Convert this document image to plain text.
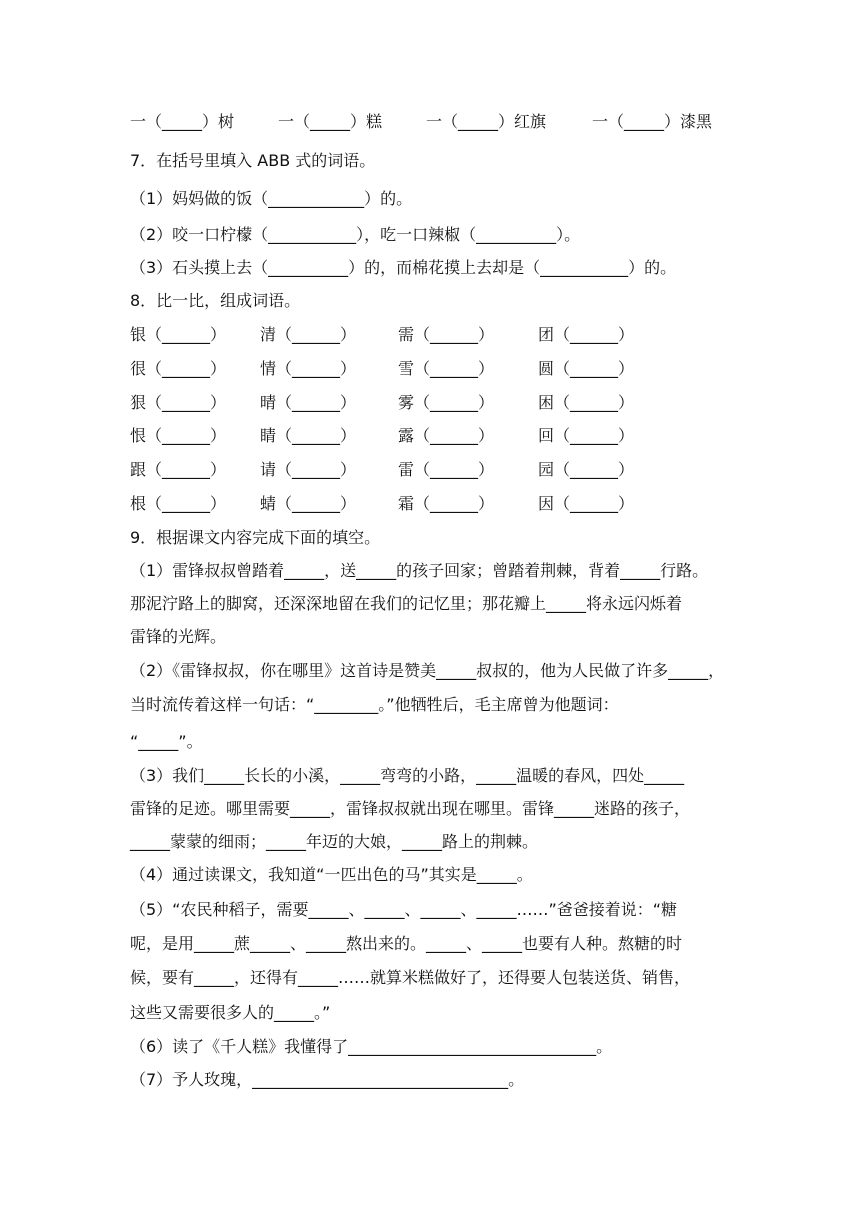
一（_____）树	一（_____）糕	一（_____）红旗	一（_____）漆黑
7．在括号里填入 ABB 式的词语。
（1）妈妈做的饭（____________）的。
（2）咬一口柠檬（___________），吃一口辣椒（__________）。
（3）石头摸上去（__________）的，而棉花摸上去却是（___________）的。
8．比一比，组成词语。
银（______） 清（______）	需（______）	团（______）
很（______） 情（______）	雪（______）	圆（______）
狠（______） 晴（______）	雾（______）	困（______）
恨（______） 睛（______）	露（______）	回（______）
跟（______） 请（______）	雷（______）	园（______）
根（______） 蜻（______）	霜（______）	因（______）
9．根据课文内容完成下面的填空。
（1）雷锋叔叔曾踏着_____，送_____的孩子回家；曾踏着荆棘，背着_____行路。
那泥泞路上的脚窝，还深深地留在我们的记忆里；那花瓣上_____将永远闪烁着
雷锋的光辉。
（2）《雷锋叔叔，你在哪里》这首诗是赞美_____叔叔的，他为人民做了许多_____，
当时流传着这样一句话：“________。”他牺牲后，毛主席曾为他题词：
“_____”。
（3）我们_____长长的小溪，_____弯弯的小路，_____温暖的春风，四处_____
雷锋的足迹。哪里需要_____，雷锋叔叔就出现在哪里。雷锋_____迷路的孩子，
_____蒙蒙的细雨；_____年迈的大娘，_____路上的荆棘。
（4）通过读课文，我知道“一匹出色的马”其实是_____。
（5）“农民种稻子，需要_____、_____、_____、_____……”爸爸接着说：“糖
呢，是用_____蔗_____、_____熬出来的。_____、_____也要有人种。熬糖的时
候，要有_____，还得有_____……就算米糕做好了，还得要人包装送货、销售，
这些又需要很多人的_____。”
（6）读了《千人糕》我懂得了_______________________________。
（7）予人玫瑰，________________________________。
